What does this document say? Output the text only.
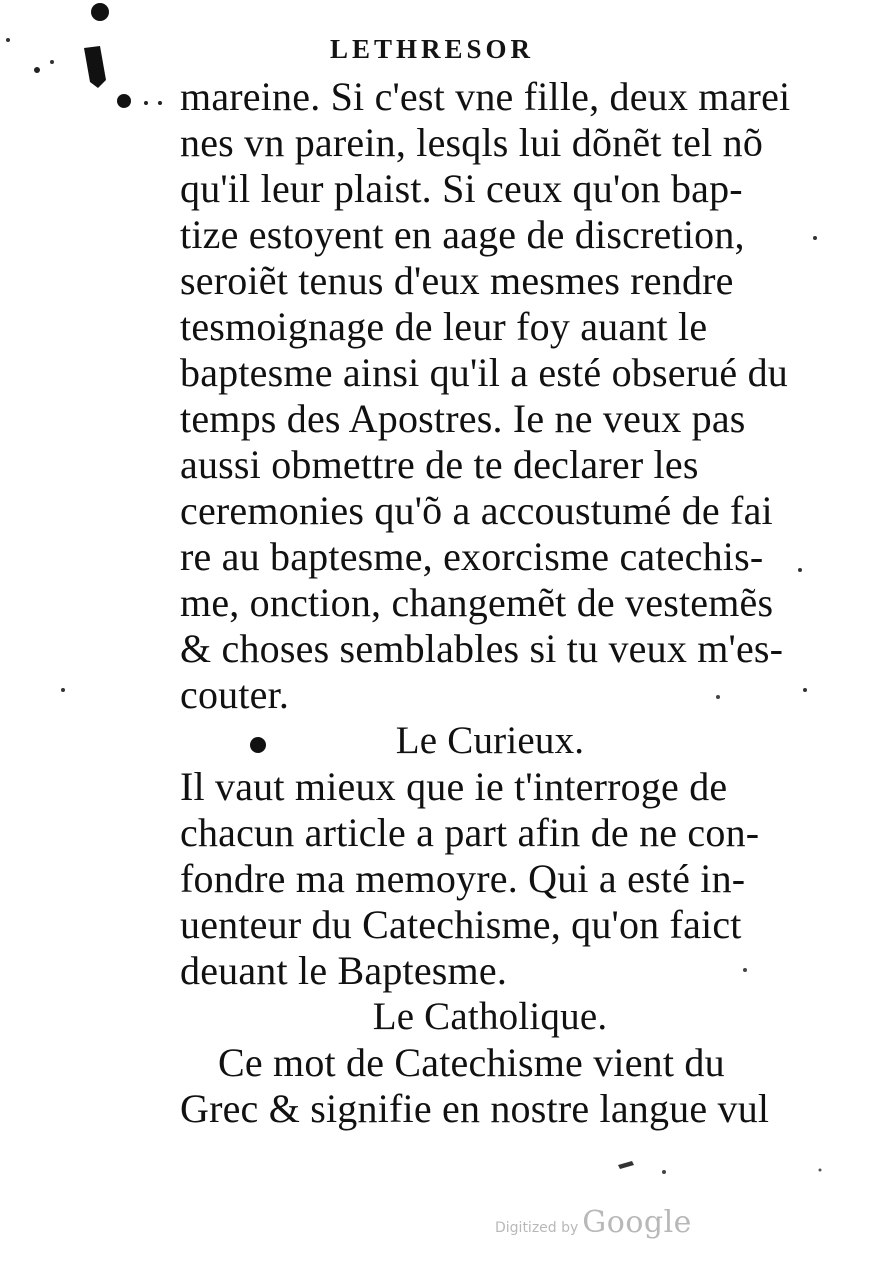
LETHRESOR
mareine. Si c'est vne fille, deux marei
nes vn parein, lesqls lui dõnẽt tel nõ
qu'il leur plaist. Si ceux qu'on bap-
tize estoyent en aage de discretion,
seroiẽt tenus d'eux mesmes rendre
tesmoignage de leur foy auant le
baptesme ainsi qu'il a esté obserué du
temps des Apostres. Ie ne veux pas
aussi obmettre de te declarer les
ceremonies qu'õ a accoustumé de fai
re au baptesme, exorcisme catechis-
me, onction, changemẽt de vestemẽs
& choses semblables si tu veux m'es-
couter.
Le Curieux.
Il vaut mieux que ie t'interroge de
chacun article a part afin de ne con-
fondre ma memoyre. Qui a esté in-
uenteur du Catechisme, qu'on faict
deuant le Baptesme.
Le Catholique.
Ce mot de Catechisme vient du
Grec & signifie en nostre langue vul
Digitized by Google
